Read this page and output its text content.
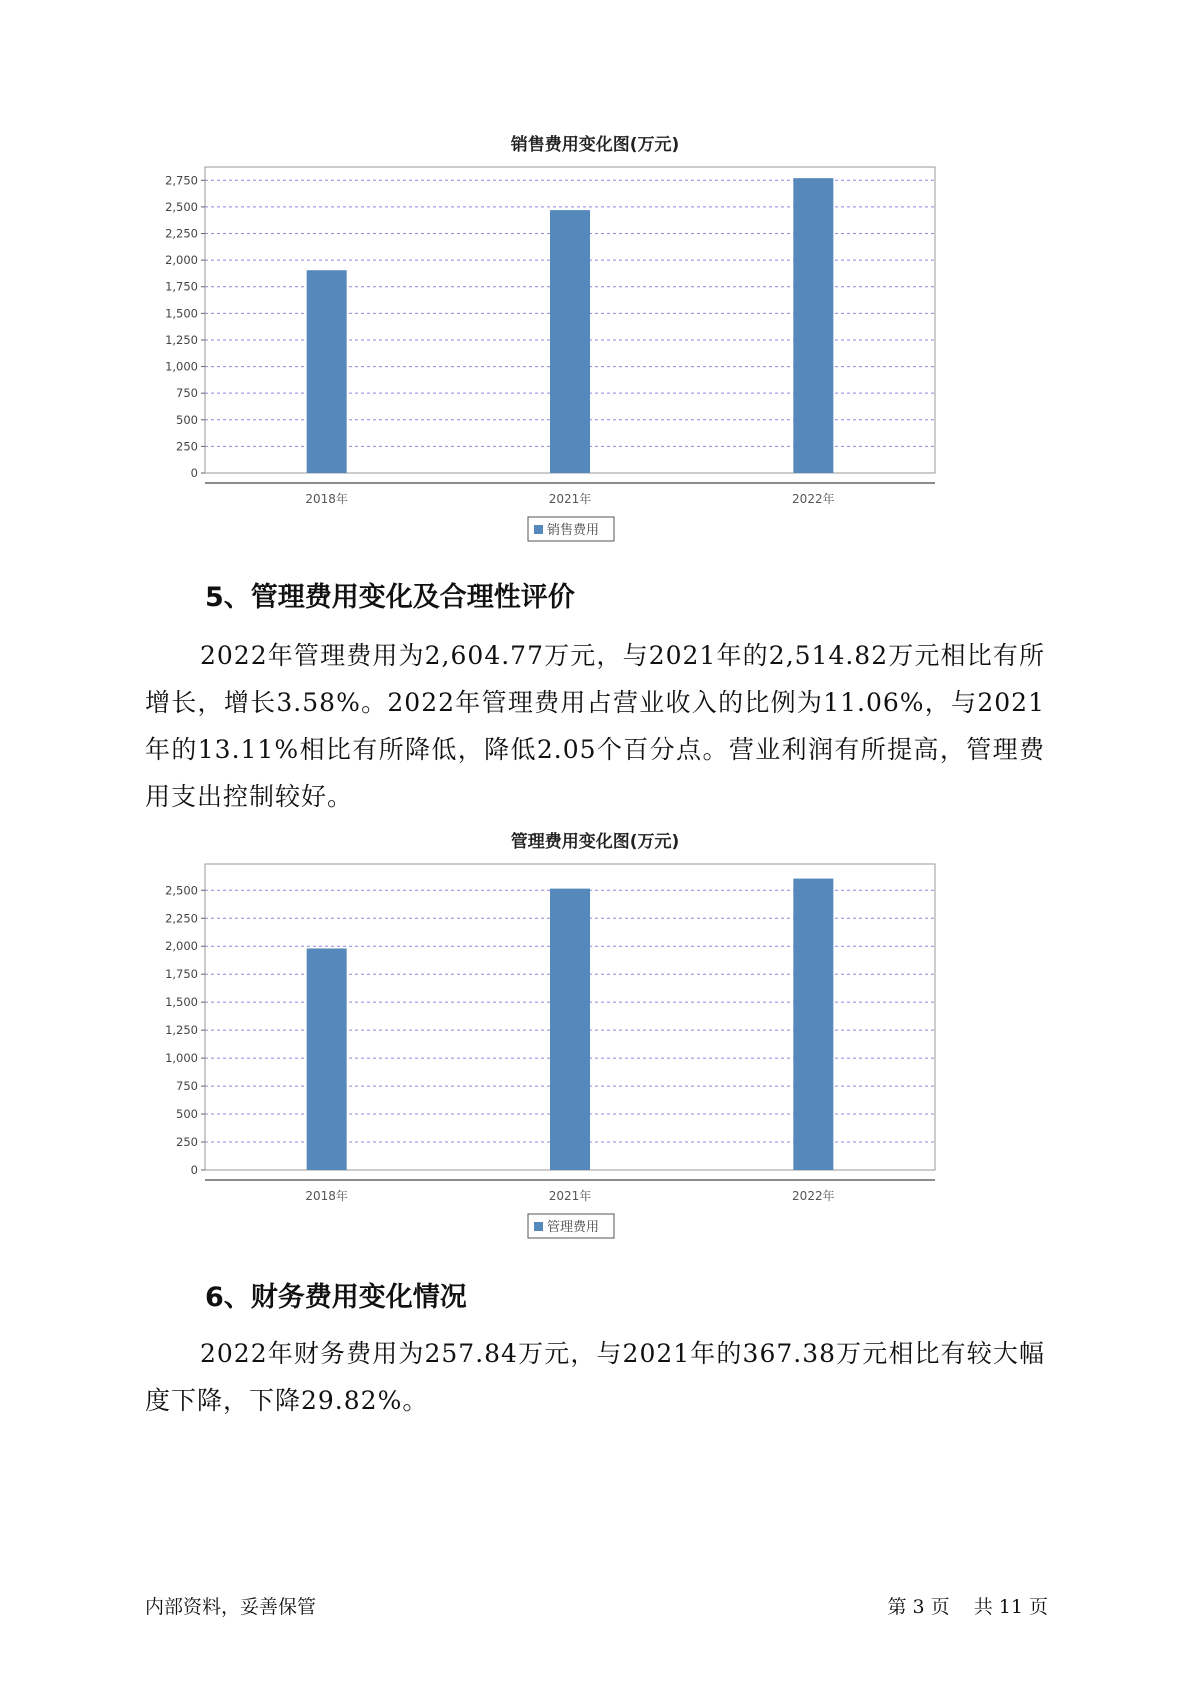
销售费用变化图(万元)
0
250
500
750
1,000
1,250
1,500
1,750
2,000
2,250
2,500
2,750
2018年	2021年	2022年
销售费用
5、管理费用变化及合理性评价

2022年管理费用为2,604.77万元，与2021年的2,514.82万元相比有所增长，增长3.58%。2022年管理费用占营业收入的比例为11.06%，与2021年的13.11%相比有所降低，降低2.05个百分点。营业利润有所提高，管理费用支出控制较好。

管理费用变化图(万元)
0
250
500
750
1,000
1,250
1,500
1,750
2,000
2,250
2,500
2018年	2021年	2022年
管理费用
6、财务费用变化情况

2022年财务费用为257.84万元，与2021年的367.38万元相比有较大幅度下降，下降29.82%。

内部资料，妥善保管	第 3 页 共 11 页
